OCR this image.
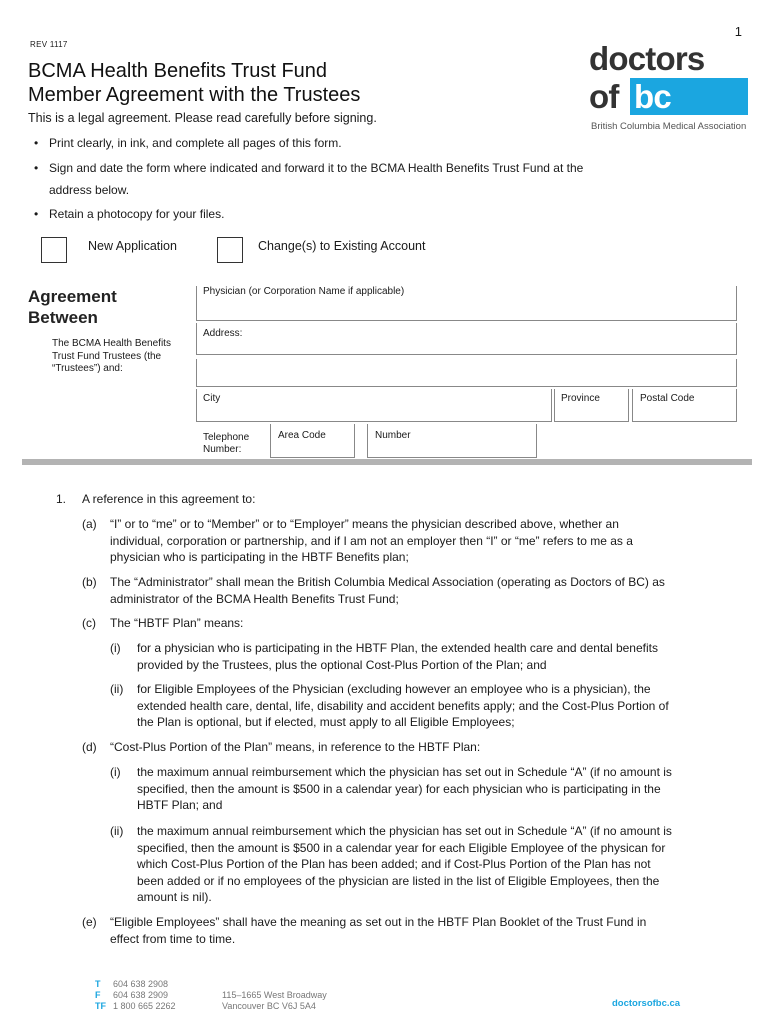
1
REV 1117
BCMA Health Benefits Trust Fund
Member Agreement with the Trustees
This is a legal agreement. Please read carefully before signing.
doctors
of bc
British Columbia Medical Association
• Print clearly, in ink, and complete all pages of this form.
• Sign and date the form where indicated and forward it to the BCMA Health Benefits Trust Fund at the
address below.
• Retain a photocopy for your files.
New Application	Change(s) to Existing Account
Agreement
Between
The BCMA Health Benefits Trust Fund Trustees (the “Trustees”) and:
Physician (or Corporation Name if applicable)
Address:
City	Province	Postal Code
Telephone
Number:
Area Code	Number
1. A reference in this agreement to:
(a) “I” or to “me” or to “Member” or to “Employer” means the physician described above, whether an
individual, corporation or partnership, and if I am not an employer then “I” or “me” refers to me as a
physician who is participating in the HBTF Benefits plan;
(b) The “Administrator” shall mean the British Columbia Medical Association (operating as Doctors of BC) as
administrator of the BCMA Health Benefits Trust Fund;
(c) The “HBTF Plan” means:
(i) for a physician who is participating in the HBTF Plan, the extended health care and dental benefits
provided by the Trustees, plus the optional Cost-Plus Portion of the Plan; and
(ii) for Eligible Employees of the Physician (excluding however an employee who is a physician), the
extended health care, dental, life, disability and accident benefits apply; and the Cost-Plus Portion of
the Plan is optional, but if elected, must apply to all Eligible Employees;
(d) “Cost-Plus Portion of the Plan” means, in reference to the HBTF Plan:
(i) the maximum annual reimbursement which the physician has set out in Schedule “A” (if no amount is
specified, then the amount is $500 in a calendar year) for each physician who is participating in the
HBTF Plan; and
(ii) the maximum annual reimbursement which the physician has set out in Schedule “A” (if no amount is
specified, then the amount is $500 in a calendar year for each Eligible Employee of the physican for
which Cost-Plus Portion of the Plan has been added; and if Cost-Plus Portion of the Plan has not
been added or if no employees of the physician are listed in the list of Eligible Employees, then the
amount is nil).
(e) “Eligible Employees” shall have the meaning as set out in the HBTF Plan Booklet of the Trust Fund in
effect from time to time.
T 604 638 2908
F 604 638 2909
TF 1 800 665 2262
115–1665 West Broadway
Vancouver BC V6J 5A4	doctorsofbc.ca
